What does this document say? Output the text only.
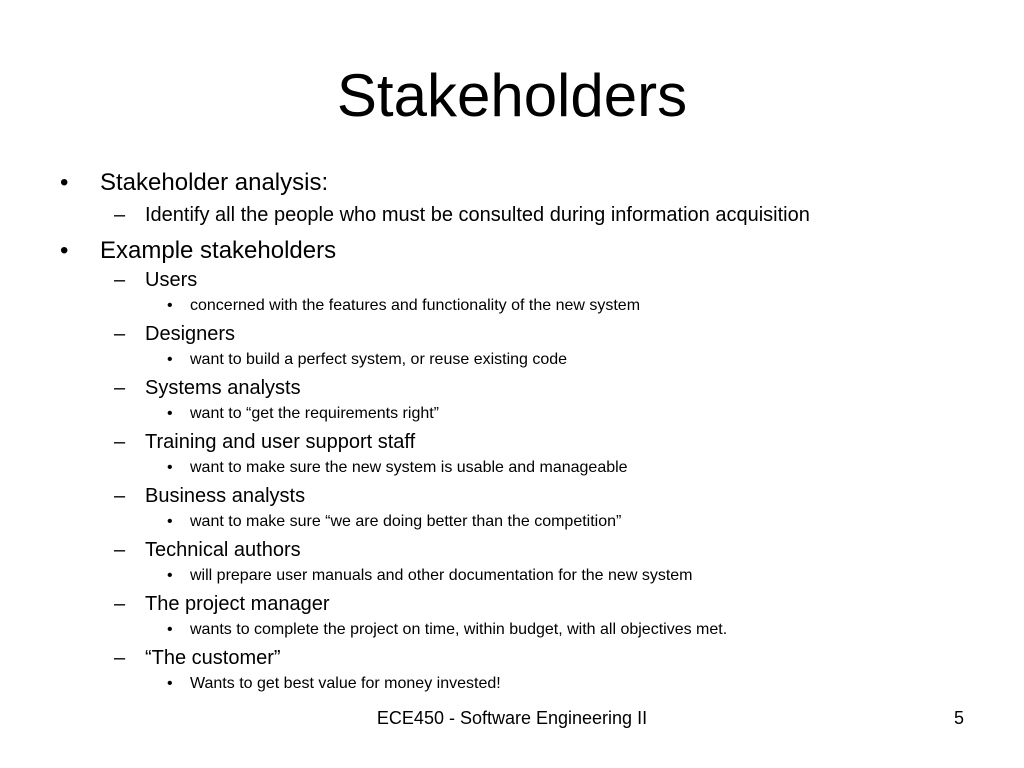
Stakeholders
• Stakeholder analysis:
– Identify all the people who must be consulted during information acquisition
• Example stakeholders
– Users
• concerned with the features and functionality of the new system
– Designers
• want to build a perfect system, or reuse existing code
– Systems analysts
• want to “get the requirements right”
– Training and user support staff
• want to make sure the new system is usable and manageable
– Business analysts
• want to make sure “we are doing better than the competition”
– Technical authors
• will prepare user manuals and other documentation for the new system
– The project manager
• wants to complete the project on time, within budget, with all objectives met.
– “The customer”
• Wants to get best value for money invested!
ECE450 - Software Engineering II	5
